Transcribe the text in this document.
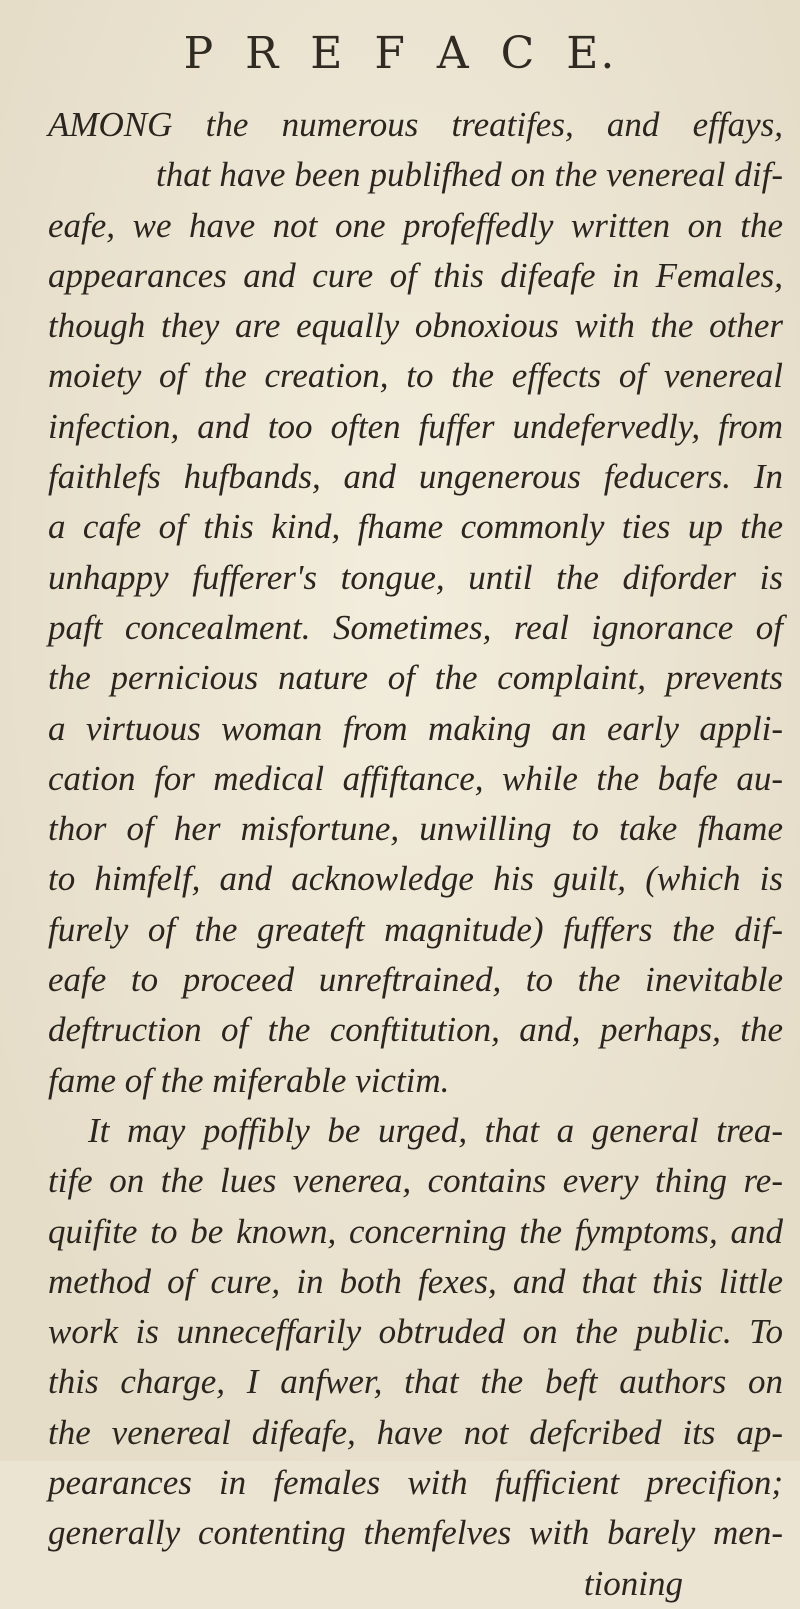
P R E F A C E.
AMONG the numerous treatifes, and effays,
that have been publifhed on the venereal dif-
eafe, we have not one profeffedly written on the
appearances and cure of this difeafe in Females,
though they are equally obnoxious with the other
moiety of the creation, to the effects of venereal
infection, and too often fuffer undefervedly, from
faithlefs hufbands, and ungenerous feducers. In
a cafe of this kind, fhame commonly ties up the
unhappy fufferer's tongue, until the diforder is
paft concealment. Sometimes, real ignorance of
the pernicious nature of the complaint, prevents
a virtuous woman from making an early appli-
cation for medical affiftance, while the bafe au-
thor of her misfortune, unwilling to take fhame
to himfelf, and acknowledge his guilt, (which is
furely of the greateft magnitude) fuffers the dif-
eafe to proceed unreftrained, to the inevitable
deftruction of the conftitution, and, perhaps, the
fame of the miferable victim.
It may poffibly be urged, that a general trea-
tife on the lues venerea, contains every thing re-
quifite to be known, concerning the fymptoms, and
method of cure, in both fexes, and that this little
work is unneceffarily obtruded on the public. To
this charge, I anfwer, that the beft authors on
the venereal difeafe, have not defcribed its ap-
pearances in females with fufficient precifion;
generally contenting themfelves with barely men-
tioning
